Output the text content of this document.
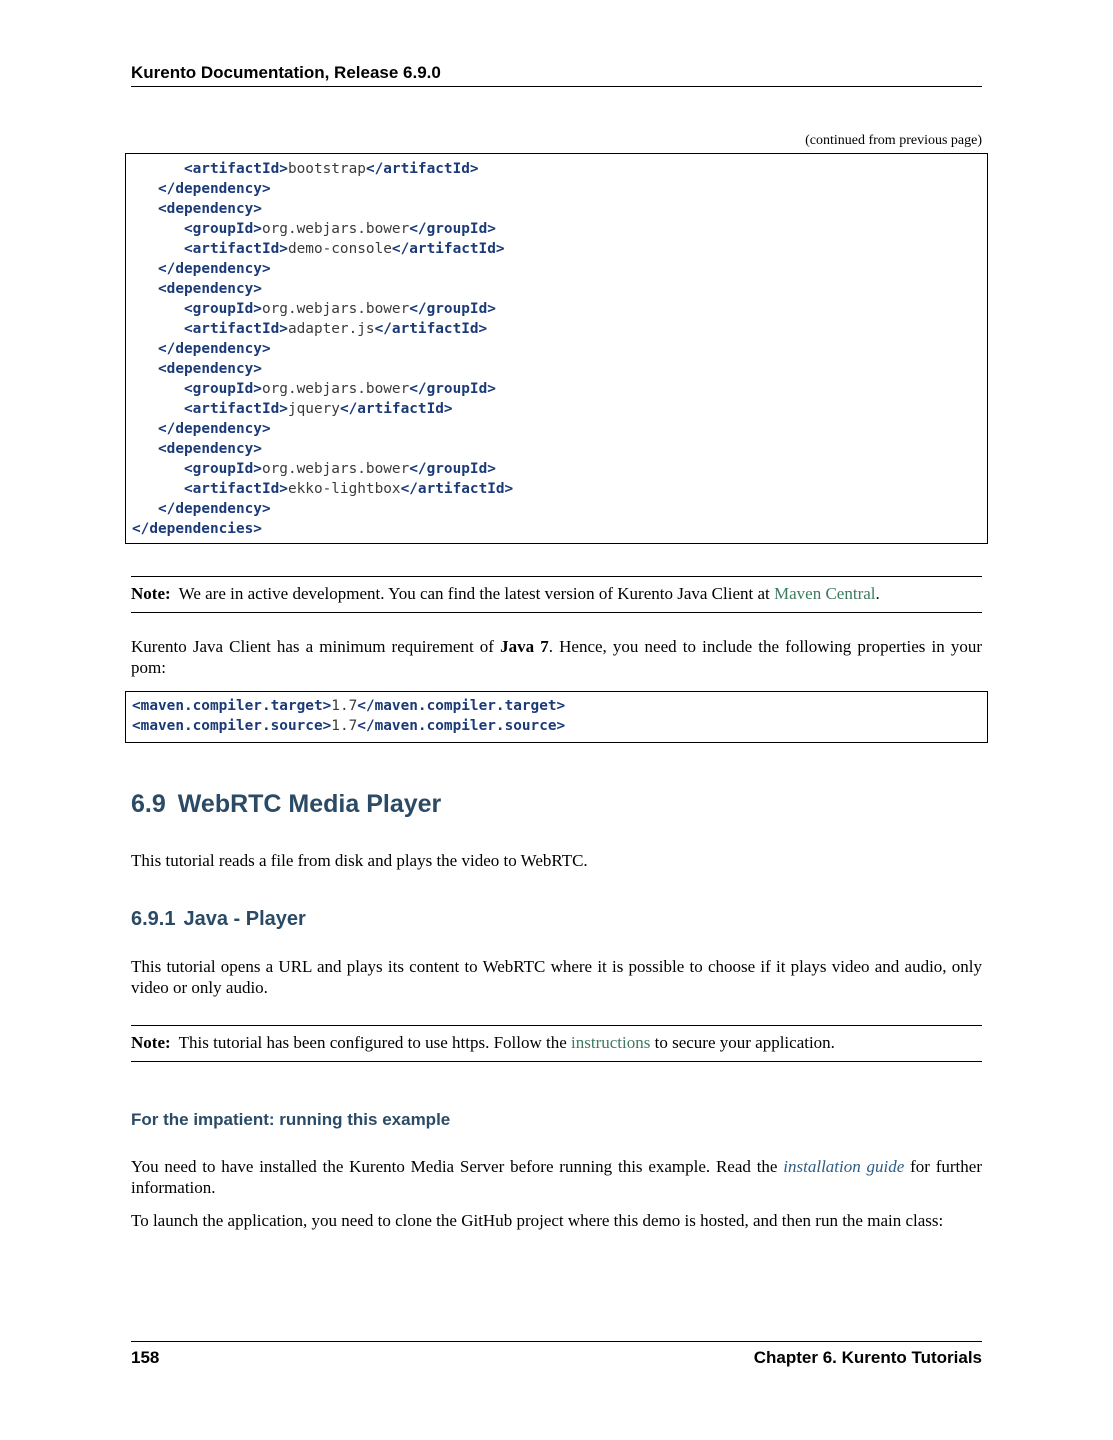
Kurento Documentation, Release 6.9.0
(continued from previous page)
<artifactId>bootstrap</artifactId>
</dependency>
<dependency>
<groupId>org.webjars.bower</groupId>
<artifactId>demo-console</artifactId>
</dependency>
<dependency>
<groupId>org.webjars.bower</groupId>
<artifactId>adapter.js</artifactId>
</dependency>
<dependency>
<groupId>org.webjars.bower</groupId>
<artifactId>jquery</artifactId>
</dependency>
<dependency>
<groupId>org.webjars.bower</groupId>
<artifactId>ekko-lightbox</artifactId>
</dependency>
</dependencies>
Note: We are in active development. You can find the latest version of Kurento Java Client at Maven Central.
Kurento Java Client has a minimum requirement of Java 7. Hence, you need to include the following properties in your pom:
<maven.compiler.target>1.7</maven.compiler.target>
<maven.compiler.source>1.7</maven.compiler.source>
6.9 WebRTC Media Player
This tutorial reads a file from disk and plays the video to WebRTC.
6.9.1 Java - Player
This tutorial opens a URL and plays its content to WebRTC where it is possible to choose if it plays video and audio, only video or only audio.
Note: This tutorial has been configured to use https. Follow the instructions to secure your application.
For the impatient: running this example
You need to have installed the Kurento Media Server before running this example. Read the installation guide for further information.
To launch the application, you need to clone the GitHub project where this demo is hosted, and then run the main class:
158	Chapter 6. Kurento Tutorials
